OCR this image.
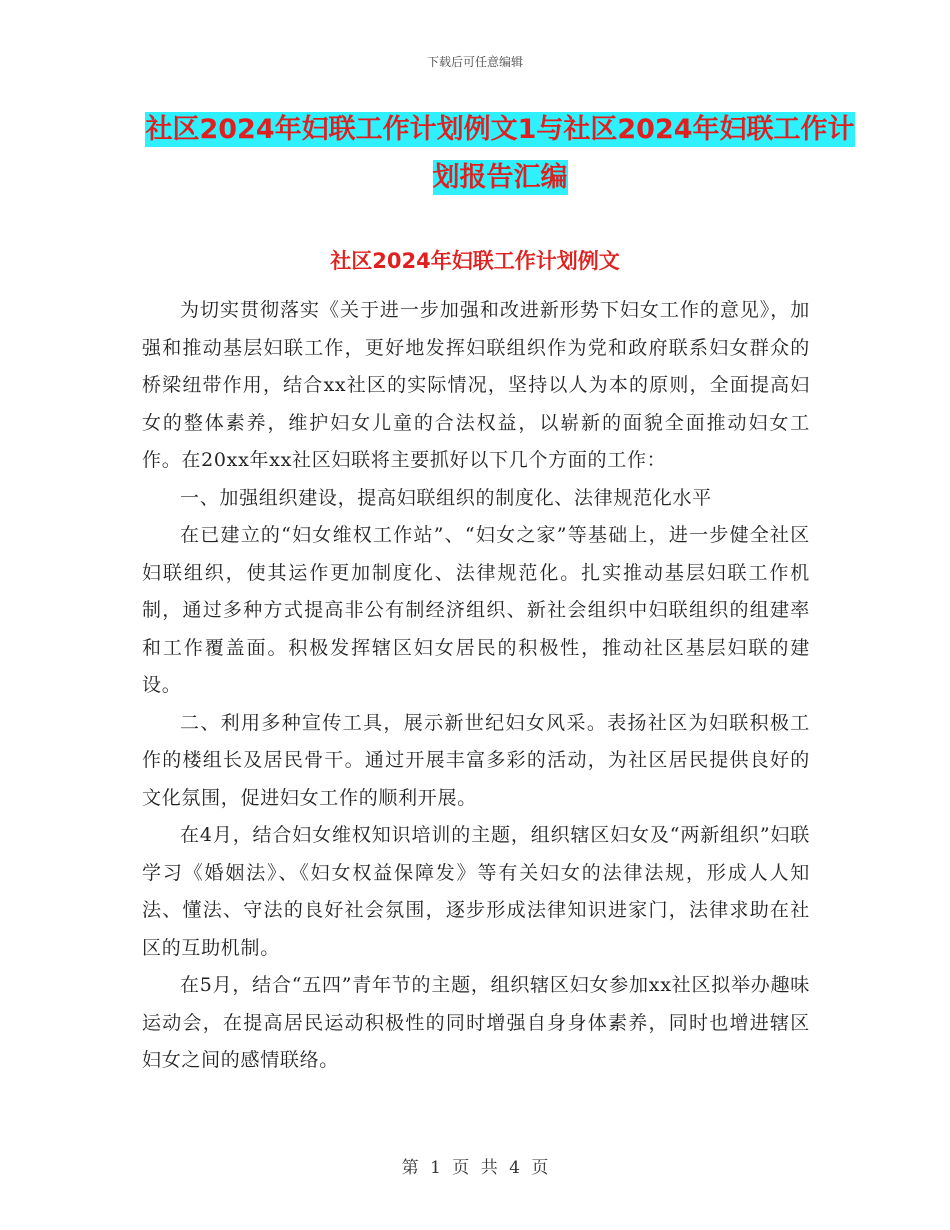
下载后可任意编辑
社区2024年妇联工作计划例文1与社区2024年妇联工作计划报告汇编
社区2024年妇联工作计划例文

为切实贯彻落实《关于进一步加强和改进新形势下妇女工作的意见》，加强和推动基层妇联工作，更好地发挥妇联组织作为党和政府联系妇女群众的桥梁纽带作用，结合xx社区的实际情况，坚持以人为本的原则，全面提高妇女的整体素养，维护妇女儿童的合法权益，以崭新的面貌全面推动妇女工作。在20xx年xx社区妇联将主要抓好以下几个方面的工作：

一、加强组织建设，提高妇联组织的制度化、法律规范化水平

在已建立的“妇女维权工作站”、“妇女之家”等基础上，进一步健全社区妇联组织，使其运作更加制度化、法律规范化。扎实推动基层妇联工作机制，通过多种方式提高非公有制经济组织、新社会组织中妇联组织的组建率和工作覆盖面。积极发挥辖区妇女居民的积极性，推动社区基层妇联的建设。

二、利用多种宣传工具，展示新世纪妇女风采。表扬社区为妇联积极工作的楼组长及居民骨干。通过开展丰富多彩的活动，为社区居民提供良好的文化氛围，促进妇女工作的顺利开展。

在4月，结合妇女维权知识培训的主题，组织辖区妇女及“两新组织”妇联学习《婚姻法》、《妇女权益保障发》等有关妇女的法律法规，形成人人知法、懂法、守法的良好社会氛围，逐步形成法律知识进家门，法律求助在社区的互助机制。

在5月，结合“五四”青年节的主题，组织辖区妇女参加xx社区拟举办趣味运动会，在提高居民运动积极性的同时增强自身身体素养，同时也增进辖区妇女之间的感情联络。

第 1 页 共 4 页
